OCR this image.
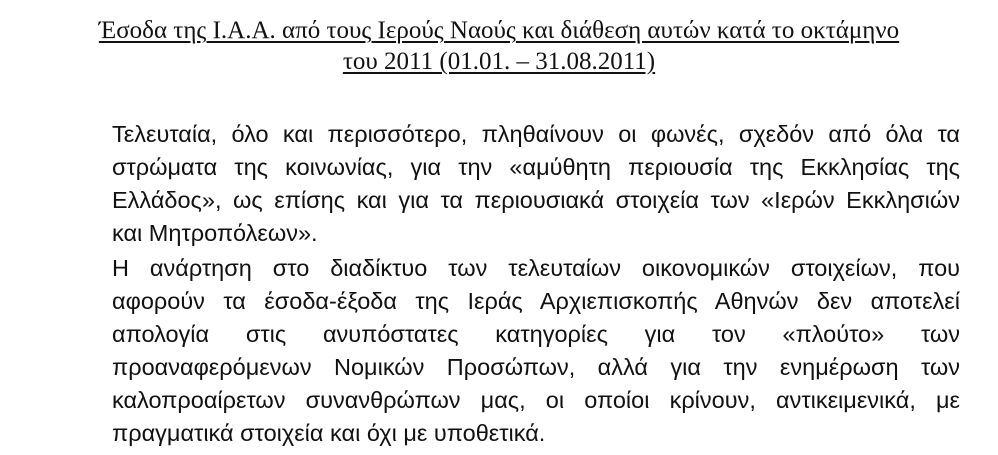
Έσοδα της Ι.Α.Α. από τους Ιερούς Ναούς και διάθεση αυτών κατά το οκτάμηνο
του 2011 (01.01. – 31.08.2011)
Τελευταία, όλο και περισσότερο, πληθαίνουν οι φωνές, σχεδόν από όλα τα
στρώματα της κοινωνίας, για την «αμύθητη περιουσία της Εκκλησίας της
Ελλάδος», ως επίσης και για τα περιουσιακά στοιχεία των «Ιερών Εκκλησιών
και Μητροπόλεων».
Η ανάρτηση στο διαδίκτυο των τελευταίων οικονομικών στοιχείων, που
αφορούν τα έσοδα-έξοδα της Ιεράς Αρχιεπισκοπής Αθηνών δεν αποτελεί
απολογία στις ανυπόστατες κατηγορίες για τον «πλούτο» των
προαναφερόμενων Νομικών Προσώπων, αλλά για την ενημέρωση των
καλοπροαίρετων συνανθρώπων μας, οι οποίοι κρίνουν, αντικειμενικά, με
πραγματικά στοιχεία και όχι με υποθετικά.
